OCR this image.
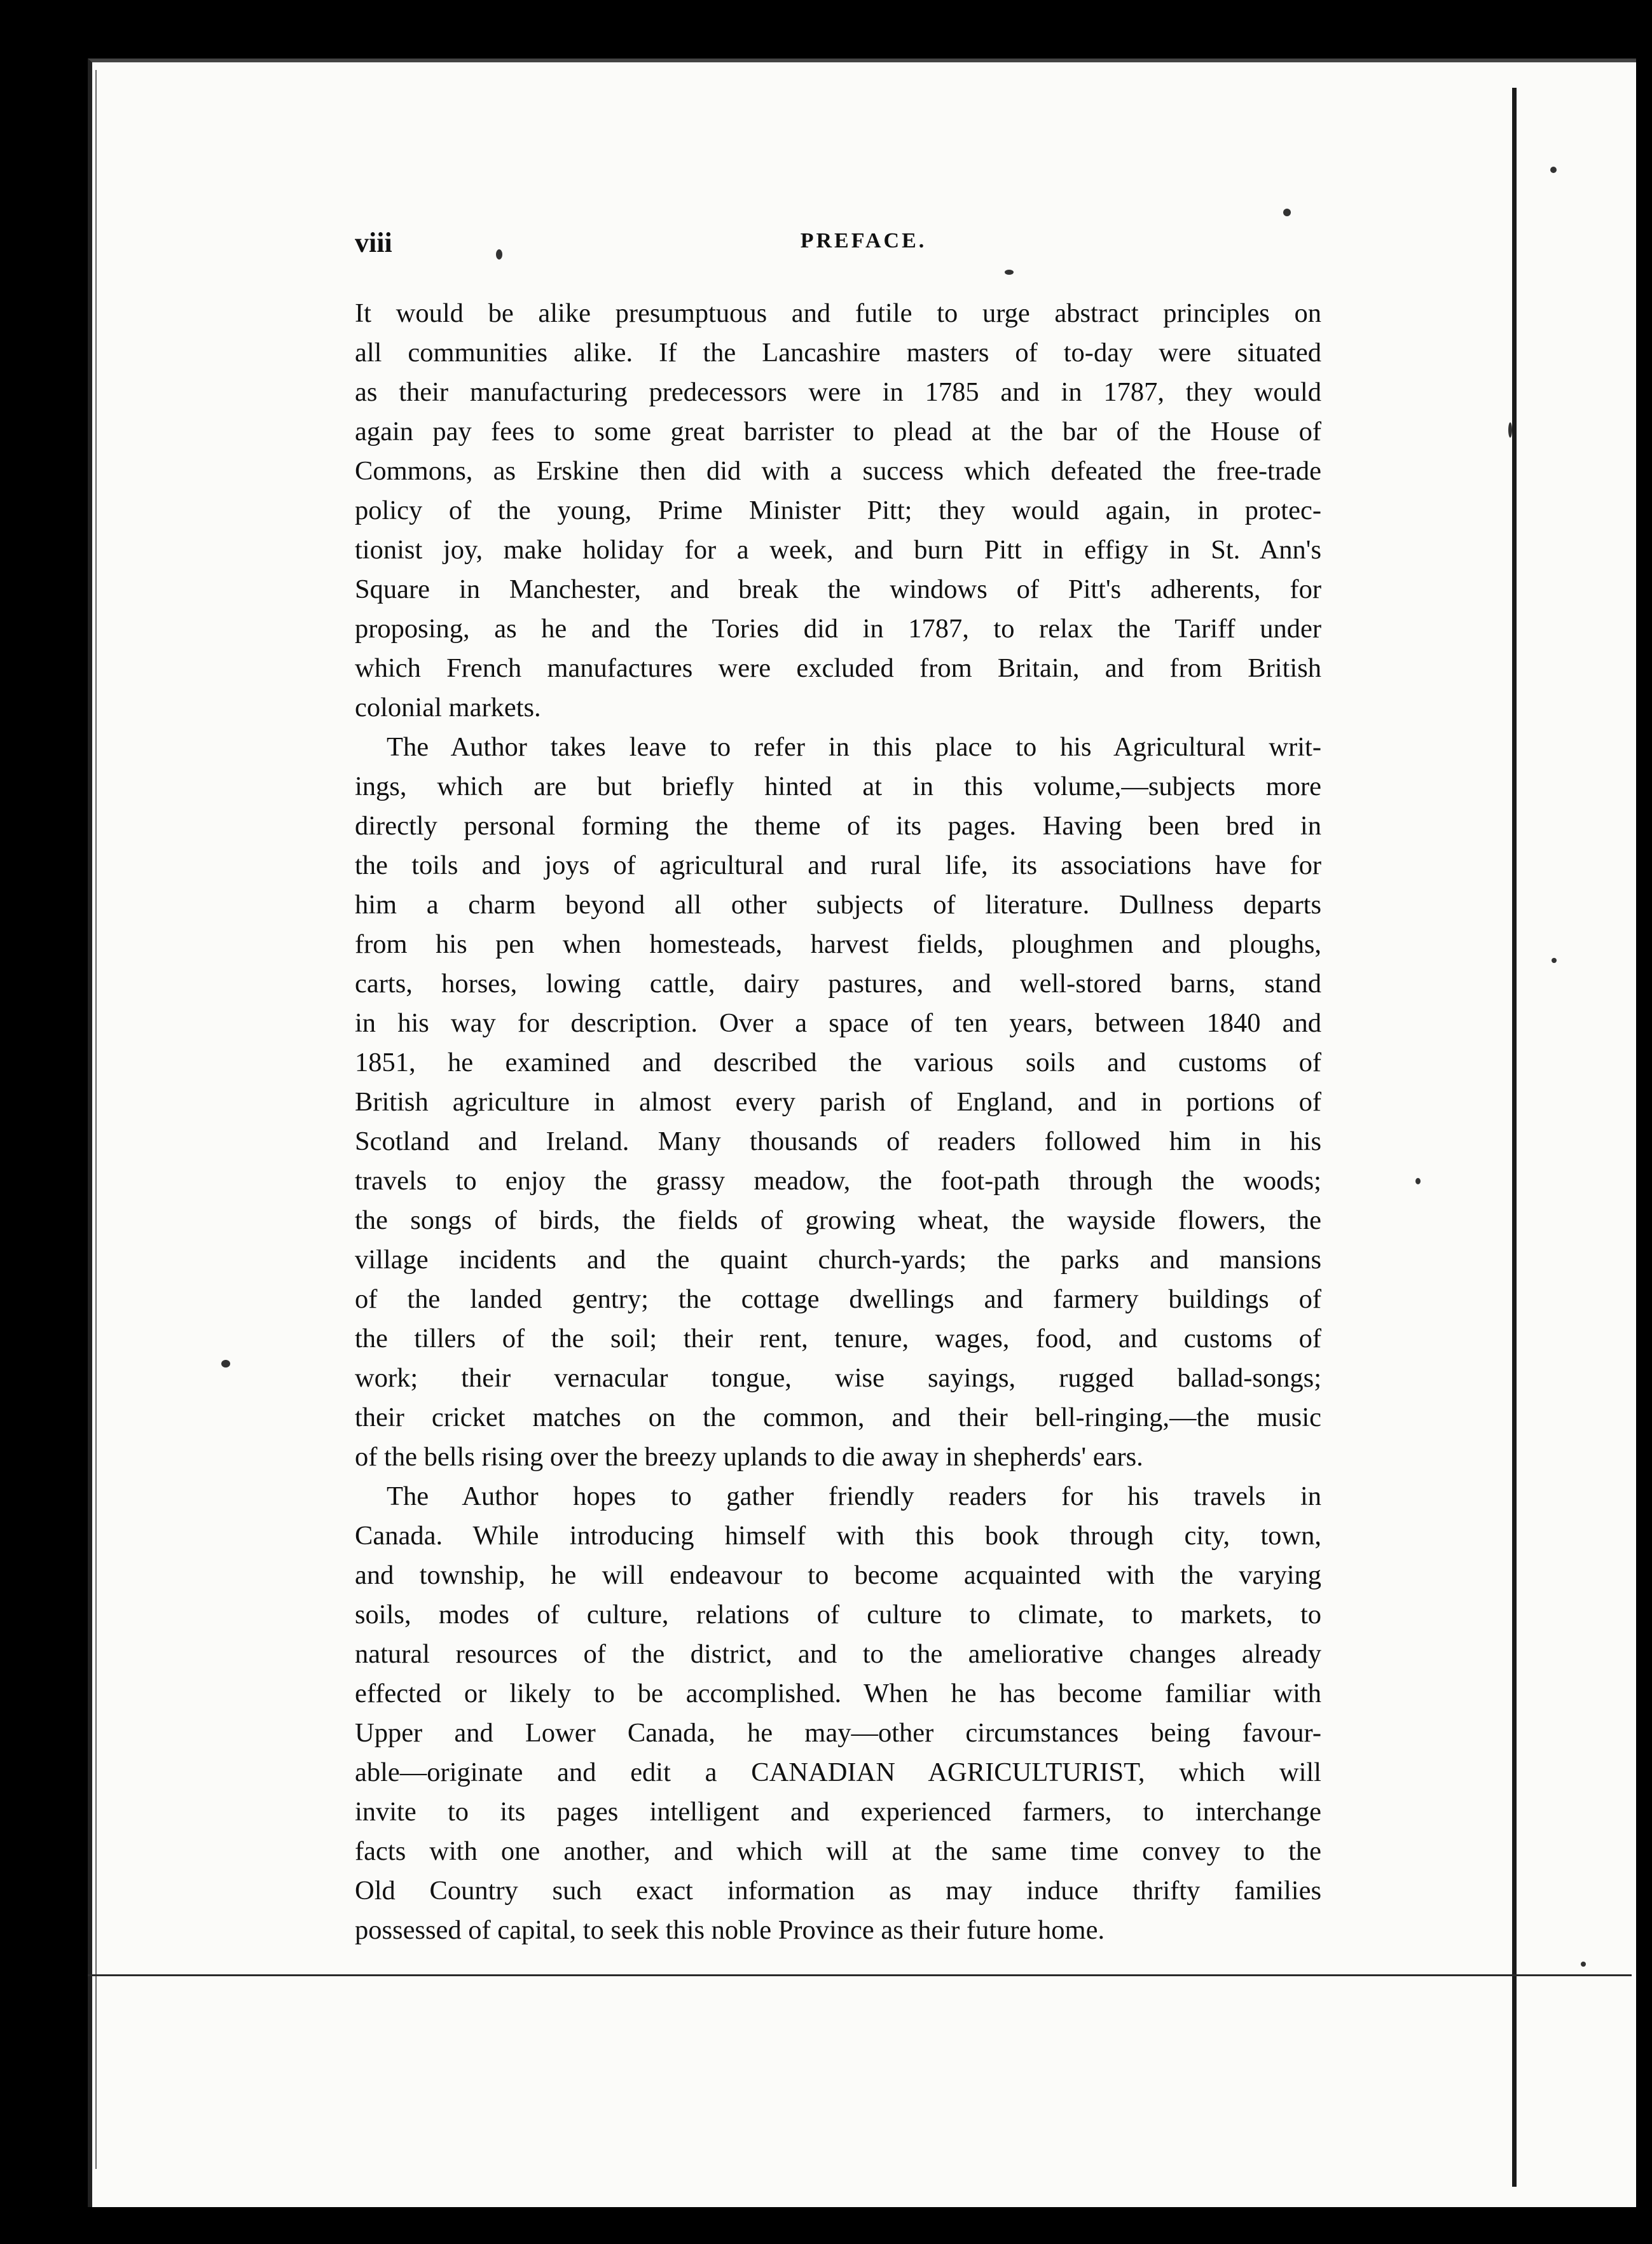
viii	PREFACE.
It would be alike presumptuous and futile to urge abstract principles on
all communities alike. If the Lancashire masters of to-day were situated
as their manufacturing predecessors were in 1785 and in 1787, they would
again pay fees to some great barrister to plead at the bar of the House of
Commons, as Erskine then did with a success which defeated the free-trade
policy of the young, Prime Minister Pitt; they would again, in protec-
tionist joy, make holiday for a week, and burn Pitt in effigy in St. Ann's
Square in Manchester, and break the windows of Pitt's adherents, for
proposing, as he and the Tories did in 1787, to relax the Tariff under
which French manufactures were excluded from Britain, and from British
colonial markets.
The Author takes leave to refer in this place to his Agricultural writ-
ings, which are but briefly hinted at in this volume,—subjects more
directly personal forming the theme of its pages. Having been bred in
the toils and joys of agricultural and rural life, its associations have for
him a charm beyond all other subjects of literature. Dullness departs
from his pen when homesteads, harvest fields, ploughmen and ploughs,
carts, horses, lowing cattle, dairy pastures, and well-stored barns, stand
in his way for description. Over a space of ten years, between 1840 and
1851, he examined and described the various soils and customs of
British agriculture in almost every parish of England, and in portions of
Scotland and Ireland. Many thousands of readers followed him in his
travels to enjoy the grassy meadow, the foot-path through the woods;
the songs of birds, the fields of growing wheat, the wayside flowers, the
village incidents and the quaint church-yards; the parks and mansions
of the landed gentry; the cottage dwellings and farmery buildings of
the tillers of the soil; their rent, tenure, wages, food, and customs of
work; their vernacular tongue, wise sayings, rugged ballad-songs;
their cricket matches on the common, and their bell-ringing,—the music
of the bells rising over the breezy uplands to die away in shepherds' ears.
The Author hopes to gather friendly readers for his travels in
Canada. While introducing himself with this book through city, town,
and township, he will endeavour to become acquainted with the varying
soils, modes of culture, relations of culture to climate, to markets, to
natural resources of the district, and to the ameliorative changes already
effected or likely to be accomplished. When he has become familiar with
Upper and Lower Canada, he may—other circumstances being favour-
able—originate and edit a CANADIAN AGRICULTURIST, which will
invite to its pages intelligent and experienced farmers, to interchange
facts with one another, and which will at the same time convey to the
Old Country such exact information as may induce thrifty families
possessed of capital, to seek this noble Province as their future home.
